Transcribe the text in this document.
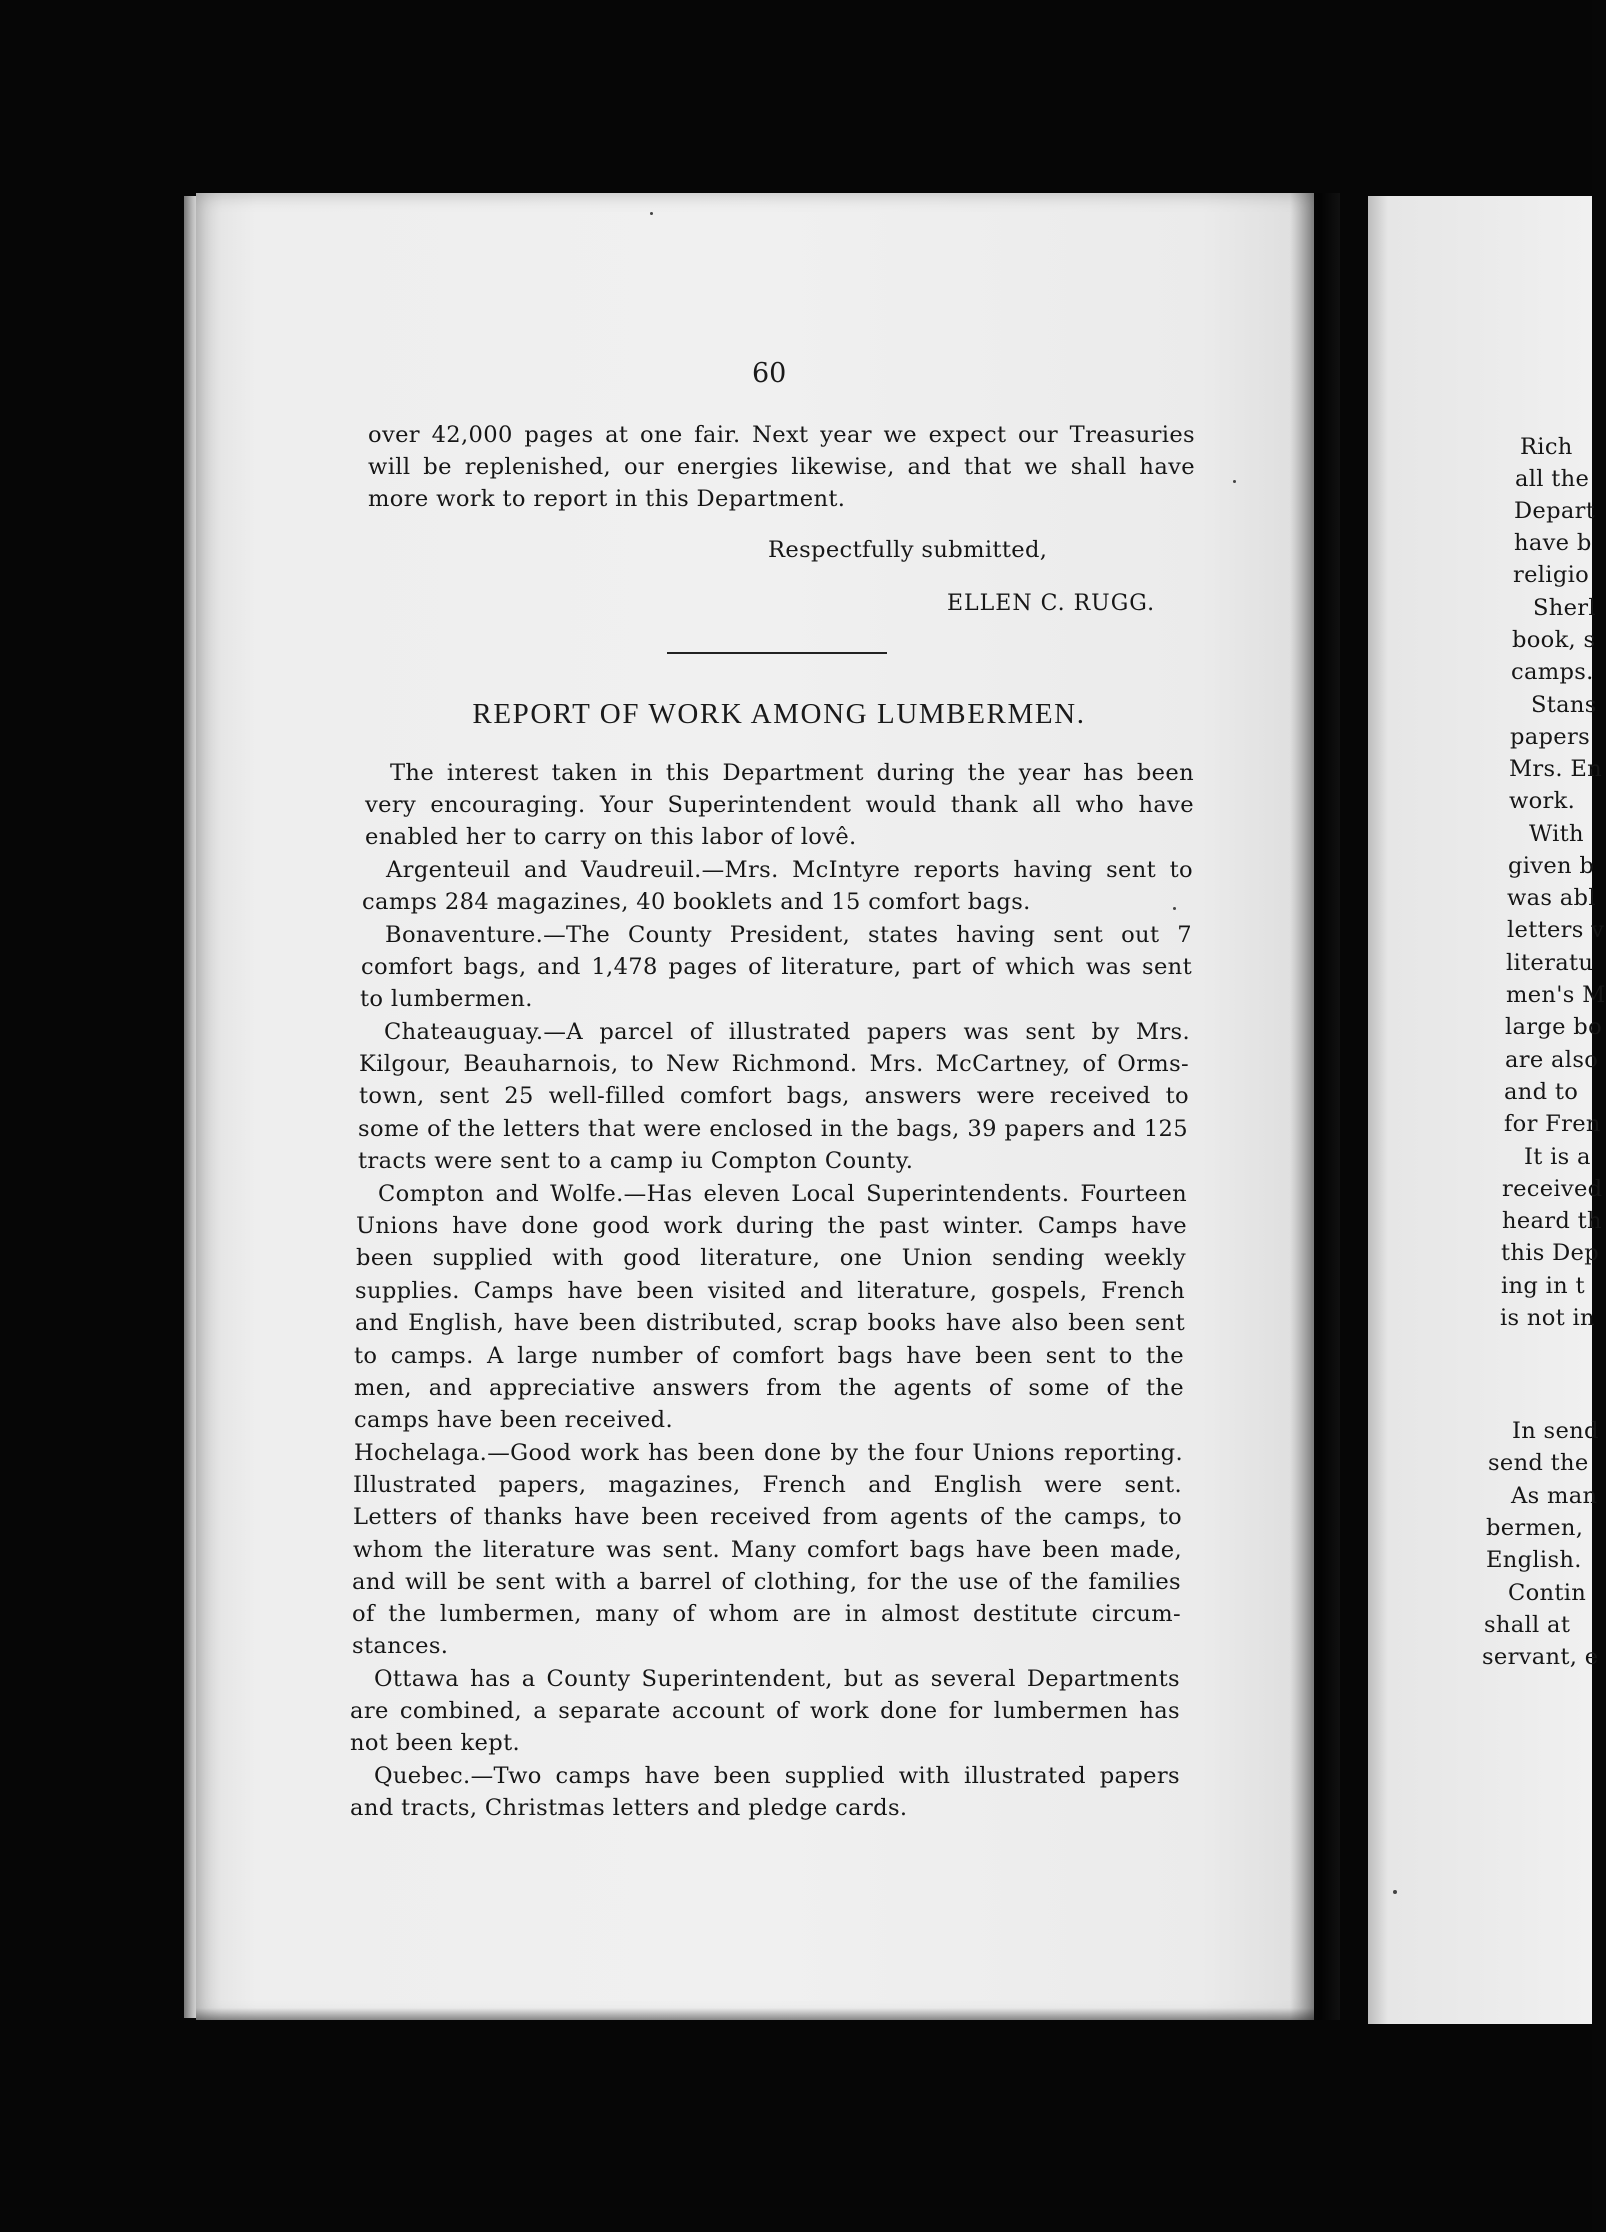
60

over 42,000 pages at one fair. Next year we expect our Treasuries

will be replenished, our energies likewise, and that we shall have

more work to report in this Department.

Respectfully submitted,
ELLEN C. RUGG.
REPORT OF WORK AMONG LUMBERMEN.

The interest taken in this Department during the year has been

very encouraging. Your Superintendent would thank all who have

enabled her to carry on this labor of lovê.

Argenteuil and Vaudreuil.—Mrs. McIntyre reports having sent to

camps 284 magazines, 40 booklets and 15 comfort bags.

Bonaventure.—The County President, states having sent out 7

comfort bags, and 1,478 pages of literature, part of which was sent

to lumbermen.

Chateauguay.—A parcel of illustrated papers was sent by Mrs.

Kilgour, Beauharnois, to New Richmond. Mrs. McCartney, of Orms-

town, sent 25 well-filled comfort bags, answers were received to

some of the letters that were enclosed in the bags, 39 papers and 125

tracts were sent to a camp iu Compton County.

Compton and Wolfe.—Has eleven Local Superintendents. Fourteen

Unions have done good work during the past winter. Camps have

been supplied with good literature, one Union sending weekly

supplies. Camps have been visited and literature, gospels, French

and English, have been distributed, scrap books have also been sent

to camps. A large number of comfort bags have been sent to the

men, and appreciative answers from the agents of some of the

camps have been received.

Hochelaga.—Good work has been done by the four Unions reporting.

Illustrated papers, magazines, French and English were sent.

Letters of thanks have been received from agents of the camps, to

whom the literature was sent. Many comfort bags have been made,

and will be sent with a barrel of clothing, for the use of the families

of the lumbermen, many of whom are in almost destitute circum-

stances.

Ottawa has a County Superintendent, but as several Departments

are combined, a separate account of work done for lumbermen has

not been kept.

Quebec.—Two camps have been supplied with illustrated papers

and tracts, Christmas letters and pledge cards.

Rich

all the

Depart

have b

religio

Sherl

book, s

camps.

Stans

papers

Mrs. En

work.

With

given b

was abl

letters v

literatu

men's M

large bo

are also

and to

for Fren

It is a

received

heard th

this Dep

ing in t

is not in

In send

send the

As man

bermen,

English.

Contin

shall at

servant, e
